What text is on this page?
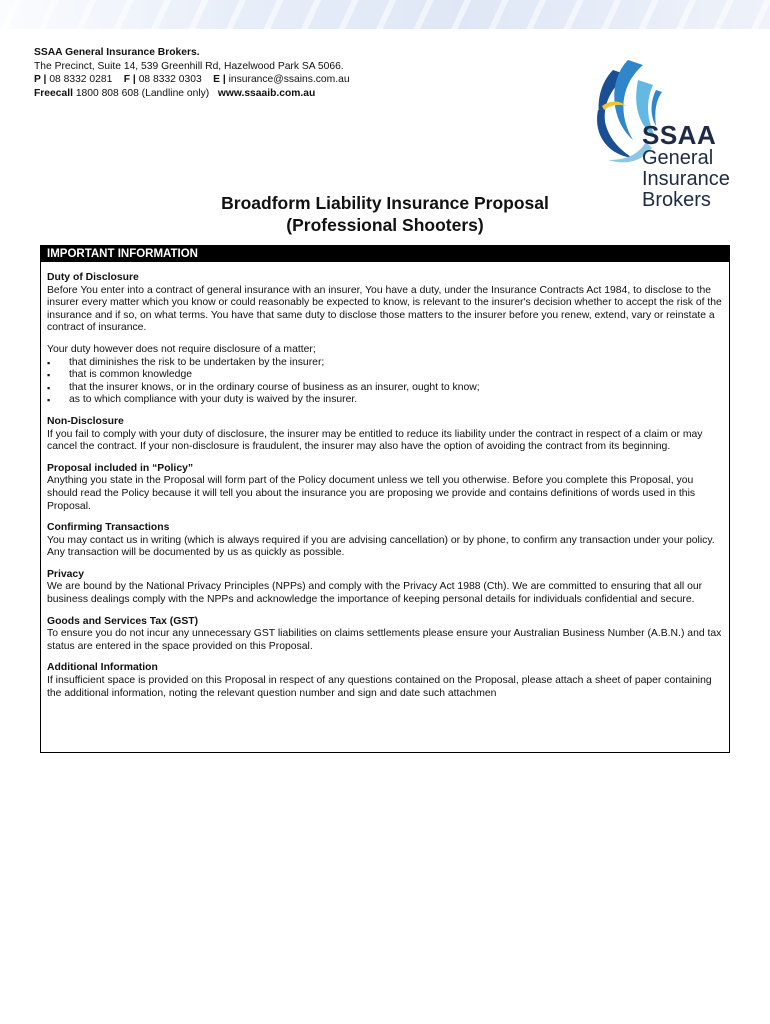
SSAA General Insurance Brokers.
The Precinct, Suite 14, 539 Greenhill Rd, Hazelwood Park SA 5066.
P | 08 8332 0281 F | 08 8332 0303 E | insurance@ssains.com.au
Freecall 1800 808 608 (Landline only) www.ssaaib.com.au
SSAA
General
Insurance
Brokers
Broadform Liability Insurance Proposal
(Professional Shooters)
IMPORTANT INFORMATION
Duty of Disclosure

Before You enter into a contract of general insurance with an insurer, You have a duty, under the Insurance Contracts Act 1984, to disclose to the insurer every matter which you know or could reasonably be expected to know, is relevant to the insurer's decision whether to accept the risk of the insurance and if so, on what terms. You have that same duty to disclose those matters to the insurer before you renew, extend, vary or reinstate a contract of insurance.

Your duty however does not require disclosure of a matter;

▪ that diminishes the risk to be undertaken by the insurer;
▪ that is common knowledge
▪ that the insurer knows, or in the ordinary course of business as an insurer, ought to know;
▪ as to which compliance with your duty is waived by the insurer.
Non-Disclosure

If you fail to comply with your duty of disclosure, the insurer may be entitled to reduce its liability under the contract in respect of a claim or may cancel the contract. If your non-disclosure is fraudulent, the insurer may also have the option of avoiding the contract from its beginning.

Proposal included in “Policy”

Anything you state in the Proposal will form part of the Policy document unless we tell you otherwise. Before you complete this Proposal, you should read the Policy because it will tell you about the insurance you are proposing we provide and contains definitions of words used in this Proposal.

Confirming Transactions

You may contact us in writing (which is always required if you are advising cancellation) or by phone, to confirm any transaction under your policy. Any transaction will be documented by us as quickly as possible.

Privacy

We are bound by the National Privacy Principles (NPPs) and comply with the Privacy Act 1988 (Cth). We are committed to ensuring that all our business dealings comply with the NPPs and acknowledge the importance of keeping personal details for individuals confidential and secure.

Goods and Services Tax (GST)

To ensure you do not incur any unnecessary GST liabilities on claims settlements please ensure your Australian Business Number (A.B.N.) and tax status are entered in the space provided on this Proposal.

Additional Information

If insufficient space is provided on this Proposal in respect of any questions contained on the Proposal, please attach a sheet of paper containing the additional information, noting the relevant question number and sign and date such attachmen
